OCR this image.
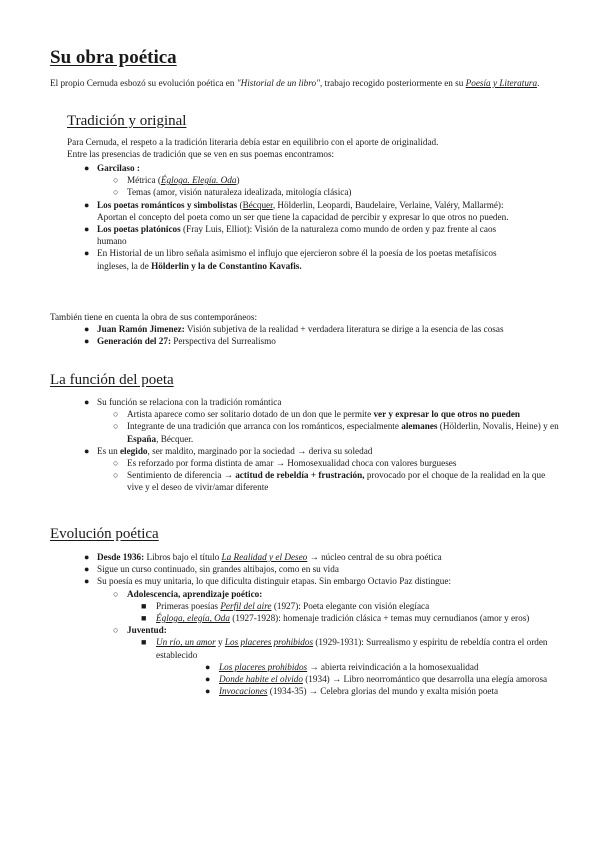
Su obra poética

El propio Cernuda esbozó su evolución poética en "Historial de un libro", trabajo recogido posteriormente en su Poesía y Literatura.

Tradición y original

Para Cernuda, el respeto a la tradición literaria debía estar en equilibrio con el aporte de originalidad.

Entre las presencias de tradición que se ven en sus poemas encontramos:

● Garcilaso :
○ Métrica (Égloga. Elegía. Oda)
○ Temas (amor, visión naturaleza idealizada, mitología clásica)
● Los poetas románticos y simbolistas (Bécquer, Hölderlin, Leopardi, Baudelaire, Verlaine, Valéry, Mallarmé): Aportan el concepto del poeta como un ser que tiene la capacidad de percibir y expresar lo que otros no pueden.
● Los poetas platónicos (Fray Luis, Elliot): Visión de la naturaleza como mundo de orden y paz frente al caos humano
● En Historial de un libro señala asimismo el influjo que ejercieron sobre él la poesía de los poetas metafísicos ingleses, la de Hölderlin y la de Constantino Kavafis.

También tiene en cuenta la obra de sus contemporáneos:

● Juan Ramón Jimenez: Visión subjetiva de la realidad + verdadera literatura se dirige a la esencia de las cosas
● Generación del 27: Perspectiva del Surrealismo
La función del poeta
● Su función se relaciona con la tradición romántica
○ Artista aparece como ser solitario dotado de un don que le permite ver y expresar lo que otros no pueden
○ Integrante de una tradición que arranca con los románticos, especialmente alemanes (Hölderlin, Novalis, Heine) y en España, Bécquer.
● Es un elegido, ser maldito, marginado por la sociedad → deriva su soledad
○ Es reforzado por forma distinta de amar → Homosexualidad choca con valores burgueses
○ Sentimiento de diferencia → actitud de rebeldía + frustración, provocado por el choque de la realidad en la que vive y el deseo de vivir/amar diferente
Evolución poética
● Desde 1936: Libros bajo el título La Realidad y el Deseo → núcleo central de su obra poética
● Sigue un curso continuado, sin grandes altibajos, como en su vida
● Su poesía es muy unitaria, lo que dificulta distinguir etapas. Sin embargo Octavio Paz distingue:
○ Adolescencia, aprendizaje poético:
■ Primeras poesías Perfil del aire (1927): Poeta elegante con visión elegíaca
■ Égloga, elegía, Oda (1927-1928): homenaje tradición clásica + temas muy cernudianos (amor y eros)
○ Juventud:
■ Un río, un amor y Los placeres prohibidos (1929-1931): Surrealismo y espíritu de rebeldía contra el orden establecido
● Los placeres prohibidos → abierta reivindicación a la homosexualidad
● Donde habite el olvido (1934) → Libro neorromántico que desarrolla una elegía amorosa
● Invocaciones (1934-35) → Celebra glorias del mundo y exalta misión poeta
